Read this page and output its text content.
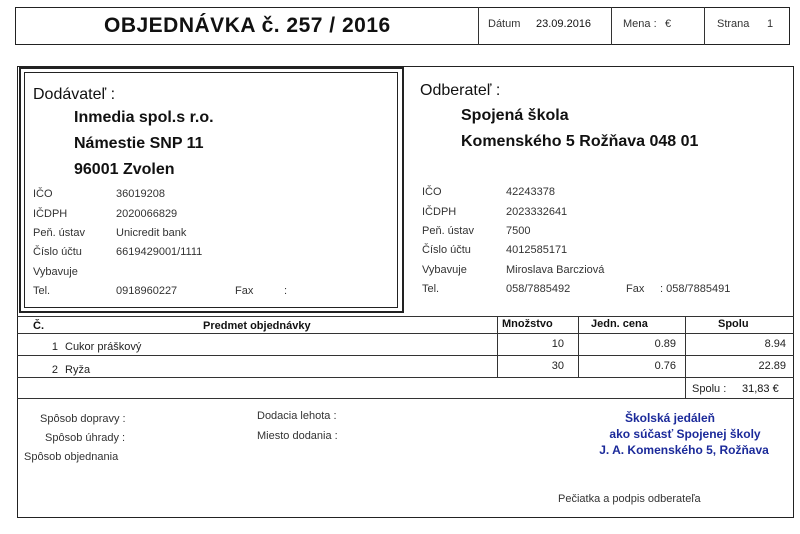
OBJEDNÁVKA č. 257 / 2016	Dátum 23.09.2016	Mena : €	Strana 1
Dodávateľ :
Inmedia spol.s r.o.
Námestie SNP 11
96001 Zvolen
IČO	36019208
IČDPH	2020066829
Peň. ústav	Unicredit bank
Číslo účtu	6619429001/1111
Vybavuje
Tel.	0918960227	Fax	:
Odberateľ :
Spojená škola
Komenského 5 Rožňava 048 01
IČO	42243378
IČDPH	2023332641
Peň. ústav	7500
Číslo účtu	4012585171
Vybavuje	Miroslava Barcziová
Tel.	058/7885492	Fax : 058/7885491
Č.	Predmet objednávky	Množstvo	Jedn. cena	Spolu
1 Cukor práškový	10	0.89	8.94
2 Ryža	30	0.76	22.89
Spolu : 31,83 €
Spôsob dopravy :
Spôsob úhrady :
Spôsob objednania
Dodacia lehota :
Miesto dodania :
Školská jedáleň
ako súčasť Spojenej školy
J. A. Komenského 5, Rožňava
Pečiatka a podpis odberateľa
